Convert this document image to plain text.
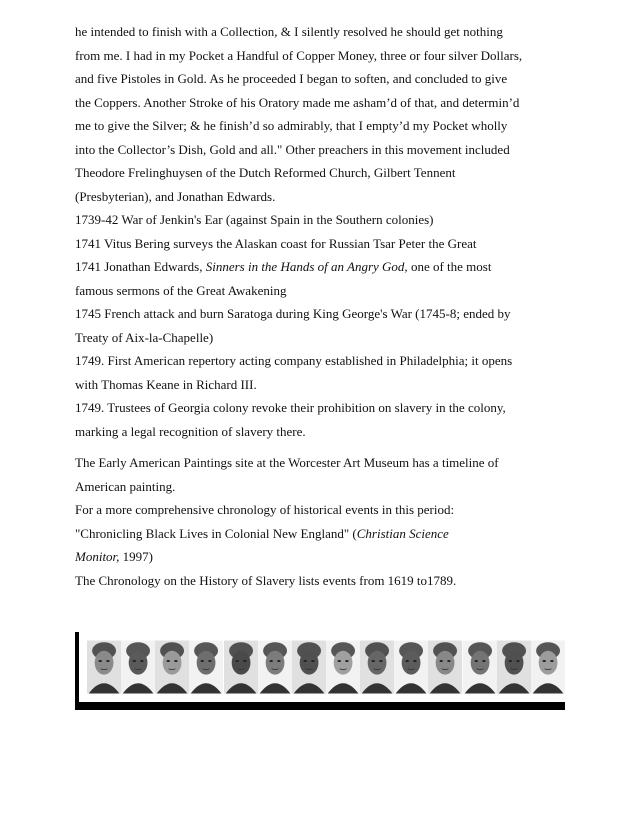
he intended to finish with a Collection, & I silently resolved he should get nothing
from me. I had in my Pocket a Handful of Copper Money, three or four silver Dollars,
and five Pistoles in Gold. As he proceeded I began to soften, and concluded to give
the Coppers. Another Stroke of his Oratory made me asham’d of that, and determin’d
me to give the Silver; & he finish’d so admirably, that I empty’d my Pocket wholly
into the Collector’s Dish, Gold and all." Other preachers in this movement included
Theodore Frelinghuysen of the Dutch Reformed Church, Gilbert Tennent
(Presbyterian), and Jonathan Edwards.
1739-42 War of Jenkin's Ear (against Spain in the Southern colonies)
1741 Vitus Bering surveys the Alaskan coast for Russian Tsar Peter the Great
1741 Jonathan Edwards, Sinners in the Hands of an Angry God, one of the most
famous sermons of the Great Awakening
1745 French attack and burn Saratoga during King George's War (1745-8; ended by
Treaty of Aix-la-Chapelle)
1749. First American repertory acting company established in Philadelphia; it opens
with Thomas Keane in Richard III.
1749. Trustees of Georgia colony revoke their prohibition on slavery in the colony,
marking a legal recognition of slavery there.
The Early American Paintings site at the Worcester Art Museum has a timeline of
American painting.
For a more comprehensive chronology of historical events in this period:
"Chronicling Black Lives in Colonial New England" (Christian Science
Monitor, 1997)
The Chronology on the History of Slavery lists events from 1619 to1789.
